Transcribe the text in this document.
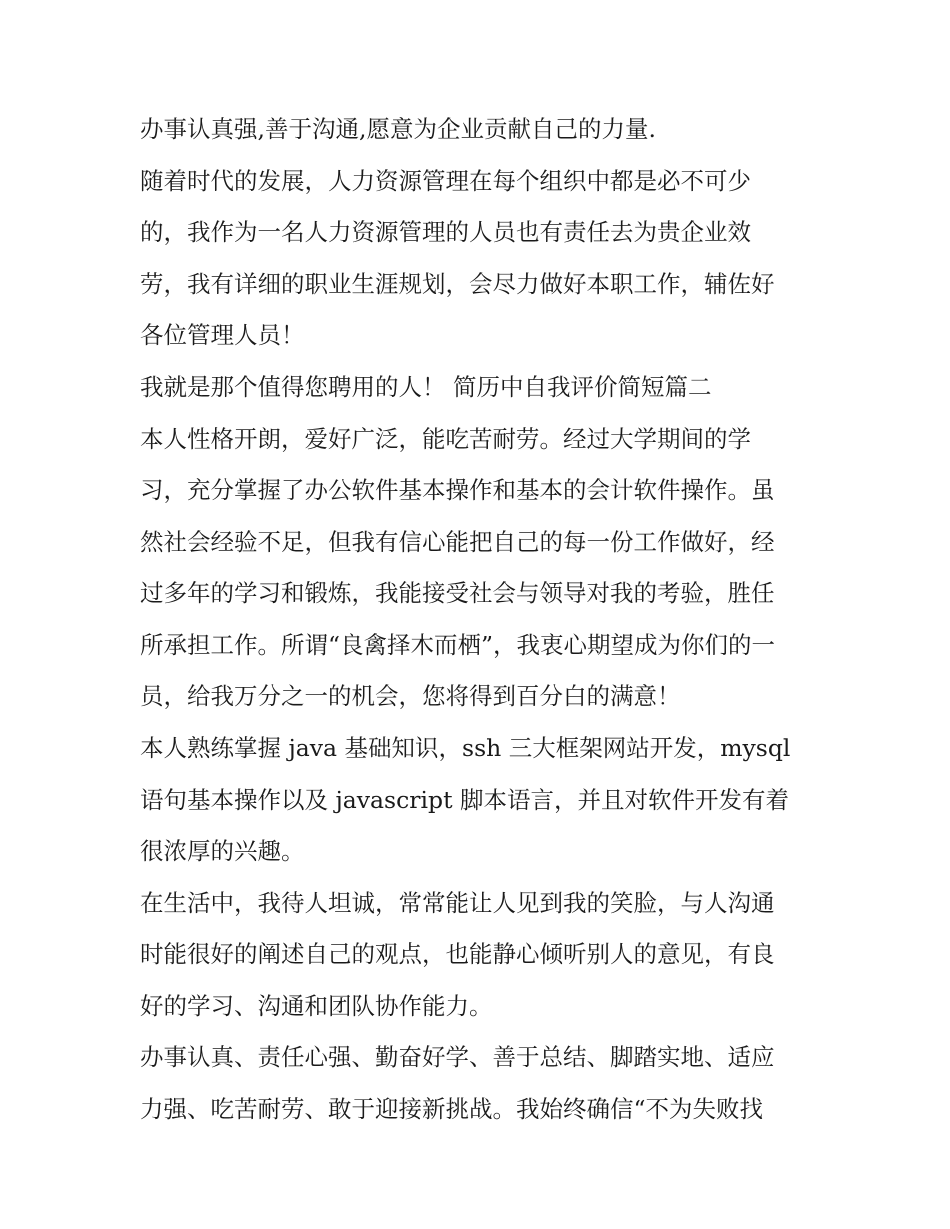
办事认真强,善于沟通,愿意为企业贡献自己的力量.
随着时代的发展，人力资源管理在每个组织中都是必不可少
的，我作为一名人力资源管理的人员也有责任去为贵企业效
劳，我有详细的职业生涯规划，会尽力做好本职工作，辅佐好
各位管理人员！
我就是那个值得您聘用的人！ 简历中自我评价简短篇二
本人性格开朗，爱好广泛，能吃苦耐劳。经过大学期间的学
习，充分掌握了办公软件基本操作和基本的会计软件操作。虽
然社会经验不足，但我有信心能把自己的每一份工作做好，经
过多年的学习和锻炼，我能接受社会与领导对我的考验，胜任
所承担工作。所谓“良禽择木而栖”，我衷心期望成为你们的一
员，给我万分之一的机会，您将得到百分白的满意！
本人熟练掌握 java 基础知识，ssh 三大框架网站开发，mysql
语句基本操作以及 javascript 脚本语言，并且对软件开发有着
很浓厚的兴趣。
在生活中，我待人坦诚，常常能让人见到我的笑脸，与人沟通
时能很好的阐述自己的观点，也能静心倾听别人的意见，有良
好的学习、沟通和团队协作能力。
办事认真、责任心强、勤奋好学、善于总结、脚踏实地、适应
力强、吃苦耐劳、敢于迎接新挑战。我始终确信“不为失败找
